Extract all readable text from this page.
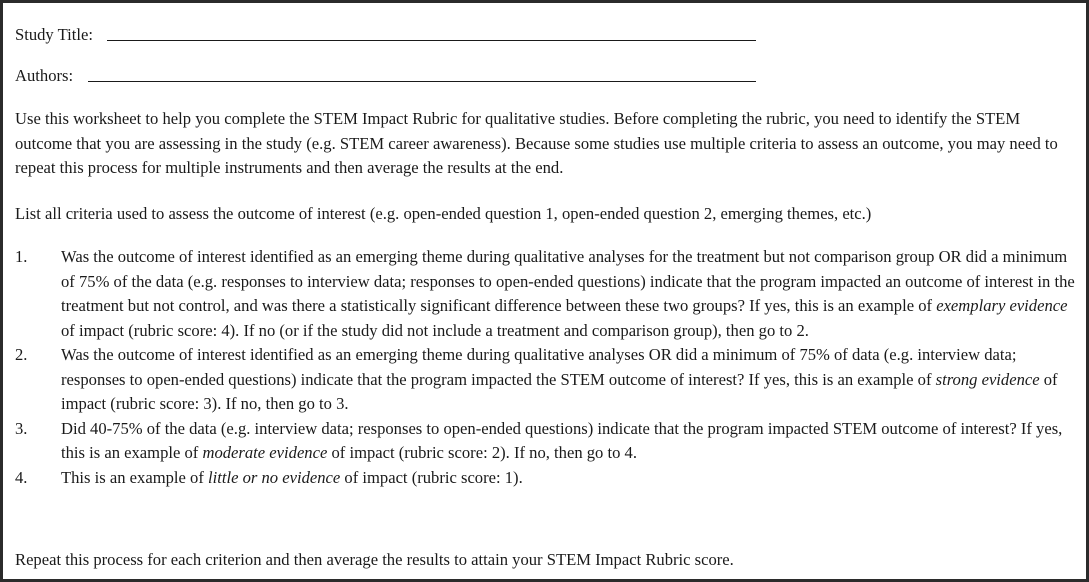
Study Title:
Authors:
Use this worksheet to help you complete the STEM Impact Rubric for qualitative studies. Before completing the rubric, you need to identify the STEM outcome that you are assessing in the study (e.g. STEM career awareness). Because some studies use multiple criteria to assess an outcome, you may need to repeat this process for multiple instruments and then average the results at the end.
List all criteria used to assess the outcome of interest (e.g. open-ended question 1, open-ended question 2, emerging themes, etc.)
1. Was the outcome of interest identified as an emerging theme during qualitative analyses for the treatment but not comparison group OR did a minimum of 75% of the data (e.g. responses to interview data; responses to open-ended questions) indicate that the program impacted an outcome of interest in the treatment but not control, and was there a statistically significant difference between these two groups? If yes, this is an example of exemplary evidence of impact (rubric score: 4). If no (or if the study did not include a treatment and comparison group), then go to 2.
2. Was the outcome of interest identified as an emerging theme during qualitative analyses OR did a minimum of 75% of data (e.g. interview data; responses to open-ended questions) indicate that the program impacted the STEM outcome of interest? If yes, this is an example of strong evidence of impact (rubric score: 3). If no, then go to 3.
3. Did 40-75% of the data (e.g. interview data; responses to open-ended questions) indicate that the program impacted STEM outcome of interest? If yes, this is an example of moderate evidence of impact (rubric score: 2). If no, then go to 4.
4. This is an example of little or no evidence of impact (rubric score: 1).
Repeat this process for each criterion and then average the results to attain your STEM Impact Rubric score.
